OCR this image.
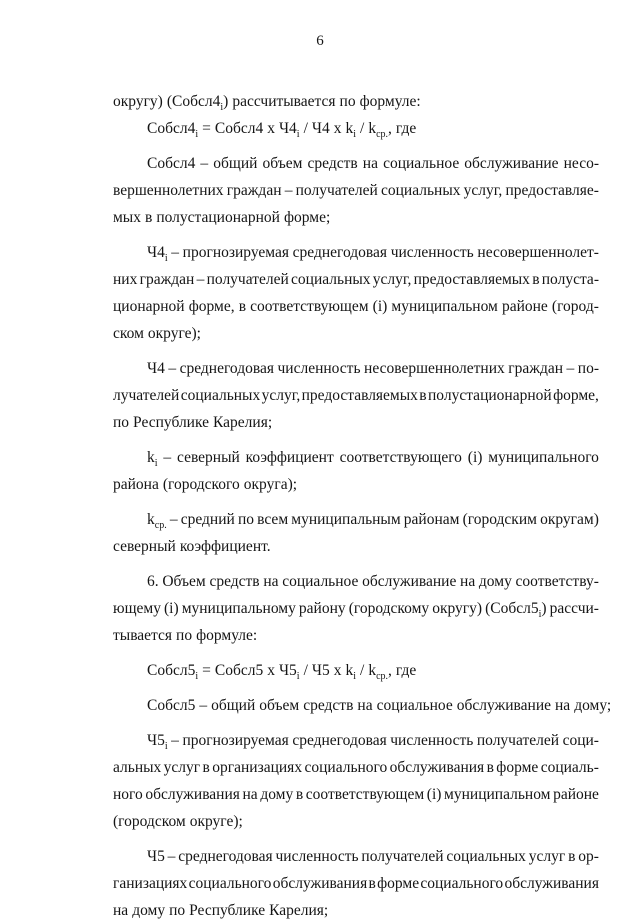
6
округу) $(Собсл4_i)$ рассчитывается по формуле:
$Собсл4_i$ = Собсл4 х $Ч4_i / Ч4$ х $k_i / k_{ср.}$, где
Собсл4 – общий объем средств на социальное обслуживание несо-
вершеннолетних граждан – получателей социальных услуг, предоставляе-
мых в полустационарной форме;
$Ч4_i$ – прогнозируемая среднегодовая численность несовершеннолет-
них граждан – получателей социальных услуг, предоставляемых в полуста-
ционарной форме, в соответствующем (i) муниципальном районе (город-
ском округе);
Ч4 – среднегодовая численность несовершеннолетних граждан – по-
лучателей социальных услуг, предоставляемых в полустационарной форме,
по Республике Карелия;
$k_i$ – северный коэффициент соответствующего (i) муниципального
района (городского округа);
$k_{ср.}$ – средний по всем муниципальным районам (городским округам)
северный коэффициент.
6. Объем средств на социальное обслуживание на дому соответству-
ющему (i) муниципальному району (городскому округу) $(Собсл5_i)$ рассчи-
тывается по формуле:
$Собсл5_i$ = Собсл5 х $Ч5_i / Ч5$ х $k_i / k_{ср.}$, где
Собсл5 – общий объем средств на социальное обслуживание на дому;
$Ч5_i$ – прогнозируемая среднегодовая численность получателей соци-
альных услуг в организациях социального обслуживания в форме социаль-
ного обслуживания на дому в соответствующем (i) муниципальном районе
(городском округе);
Ч5 – среднегодовая численность получателей социальных услуг в ор-
ганизациях социального обслуживания в форме социального обслуживания
на дому по Республике Карелия;
